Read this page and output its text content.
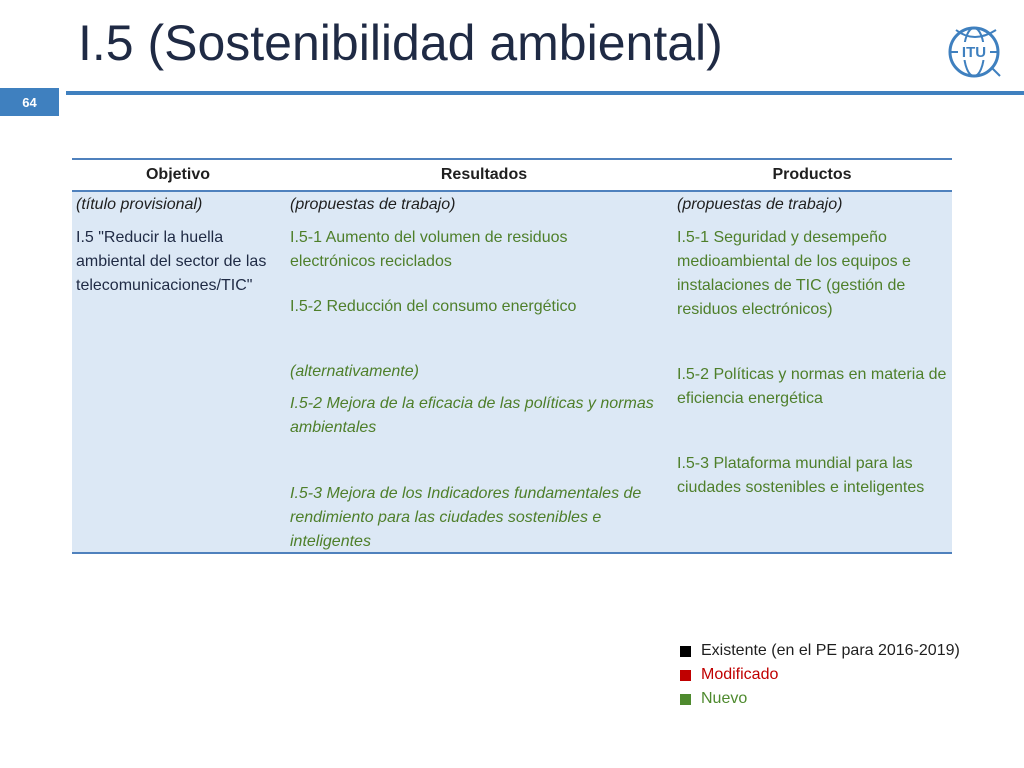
I.5 (Sostenibilidad ambiental)
64
ITU
Objetivo	Resultados	Productos
(título provisional)
I.5 "Reducir la huella ambiental del sector de las telecomunicaciones/TIC"
(propuestas de trabajo)
I.5-1 Aumento del volumen de residuos electrónicos reciclados
I.5-2 Reducción del consumo energético
(alternativamente)
I.5-2 Mejora de la eficacia de las políticas y normas ambientales
I.5-3 Mejora de los Indicadores fundamentales de rendimiento para las ciudades sostenibles e inteligentes
(propuestas de trabajo)
I.5-1 Seguridad y desempeño medioambiental de los equipos e instalaciones de TIC (gestión de residuos electrónicos)
I.5-2 Políticas y normas en materia de eficiencia energética
I.5-3 Plataforma mundial para las ciudades sostenibles e inteligentes
Existente (en el PE para 2016-2019)
Modificado
Nuevo
